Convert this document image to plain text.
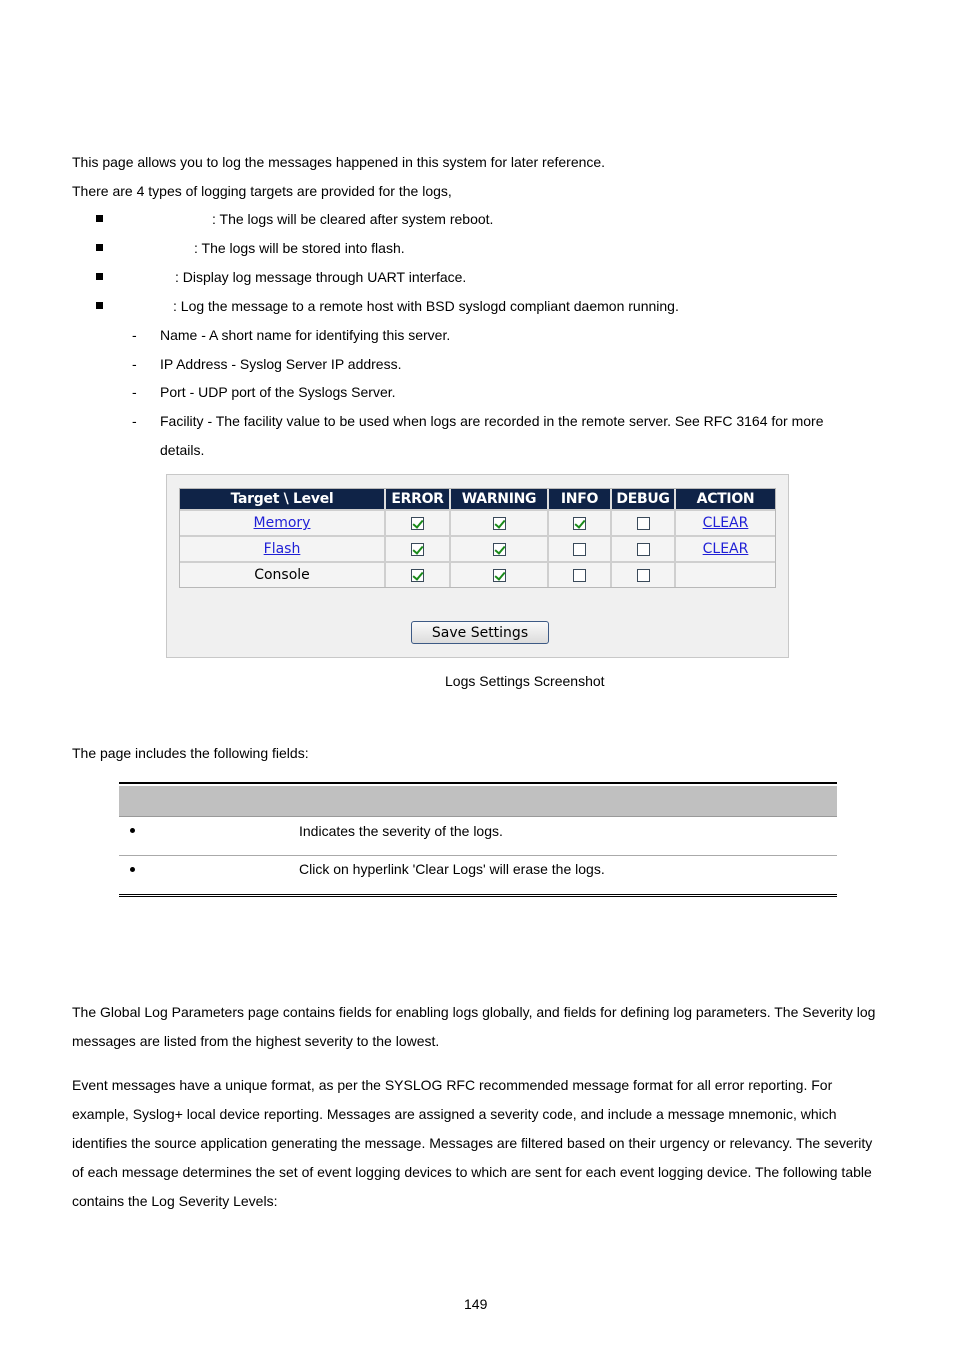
This page allows you to log the messages happened in this system for later reference.
There are 4 types of logging targets are provided for the logs,
: The logs will be cleared after system reboot.
: The logs will be stored into flash.
: Display log message through UART interface.
: Log the message to a remote host with BSD syslogd compliant daemon running.
- Name - A short name for identifying this server.
- IP Address - Syslog Server IP address.
- Port - UDP port of the Syslogs Server.
- Facility - The facility value to be used when logs are recorded in the remote server. See RFC 3164 for more
details.
Target \ Level	ERROR	WARNING	INFO	DEBUG	ACTION
Memory					CLEAR
Flash					CLEAR
Console					
Save Settings
Logs Settings Screenshot
The page includes the following fields:
Indicates the severity of the logs.
Click on hyperlink 'Clear Logs' will erase the logs.
The Global Log Parameters page contains fields for enabling logs globally, and fields for defining log parameters. The Severity log messages are listed from the highest severity to the lowest.
Event messages have a unique format, as per the SYSLOG RFC recommended message format for all error reporting. For example, Syslog+ local device reporting. Messages are assigned a severity code, and include a message mnemonic, which identifies the source application generating the message. Messages are filtered based on their urgency or relevancy. The severity of each message determines the set of event logging devices to which are sent for each event logging device. The following table contains the Log Severity Levels:
149
